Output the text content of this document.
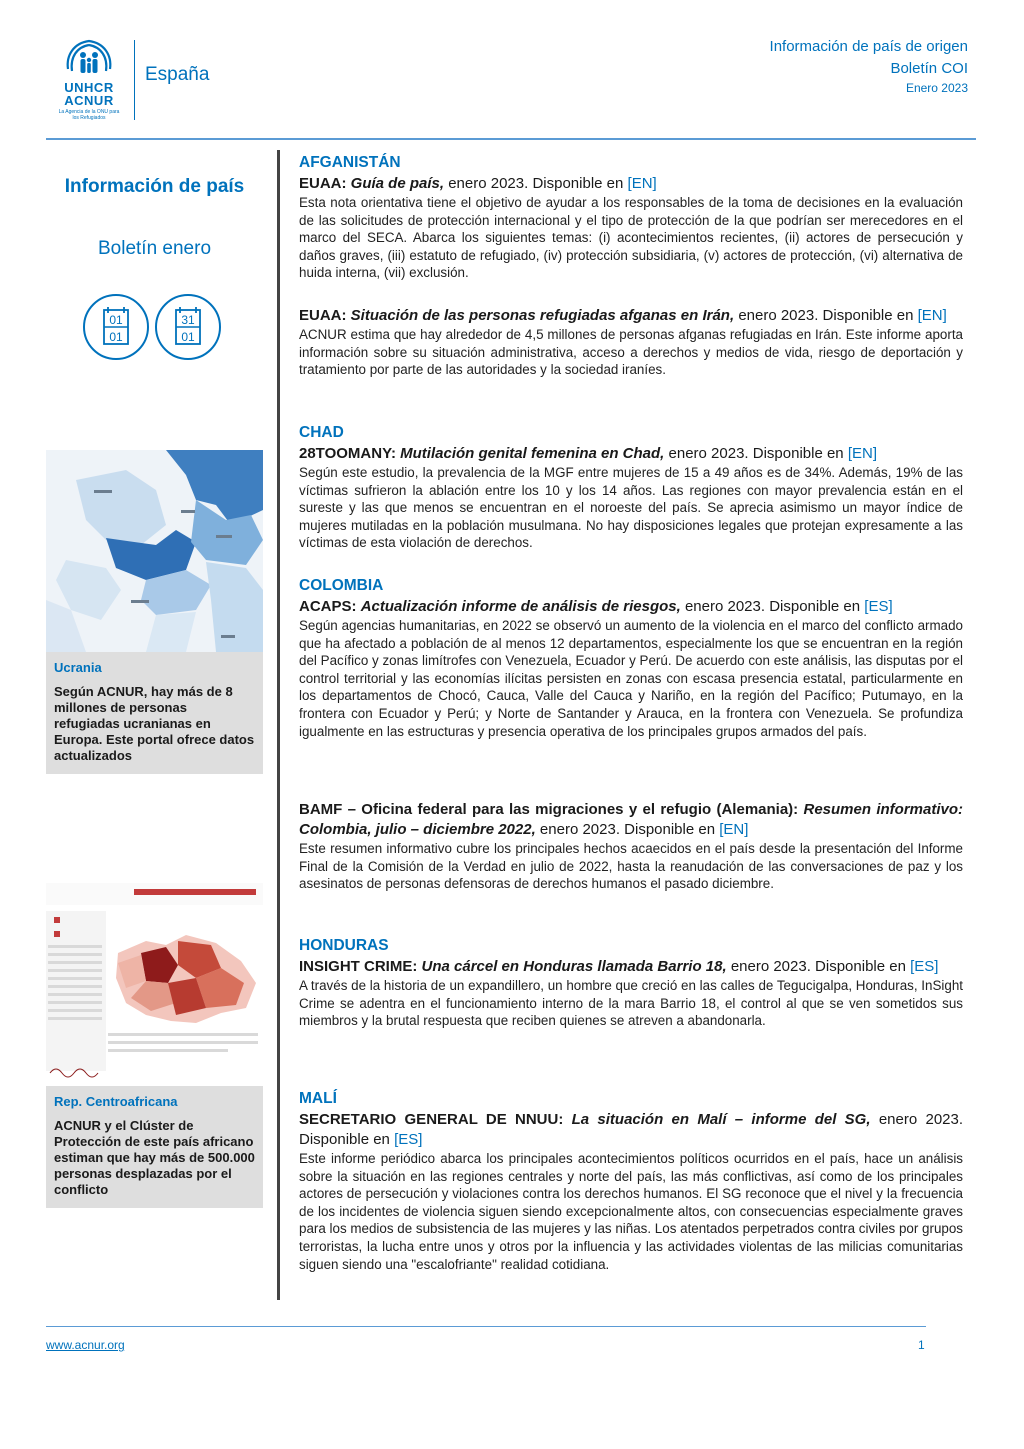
UNHCR
ACNUR
La Agencia de la ONU para los Refugiados
España
Información de país de origen
Boletín COI
Enero 2023
Información de país
Boletín enero
01
01
31
01
Ucrania
Según ACNUR, hay más de 8 millones de personas refugiadas ucranianas en Europa. Este portal ofrece datos actualizados
Rep. Centroafricana
ACNUR y el Clúster de Protección de este país africano estiman que hay más de 500.000 personas desplazadas por el conflicto
AFGANISTÁN

EUAA: Guía de país, enero 2023. Disponible en [EN]

Esta nota orientativa tiene el objetivo de ayudar a los responsables de la toma de decisiones en la evaluación de las solicitudes de protección internacional y el tipo de protección de la que podrían ser merecedores en el marco del SECA. Abarca los siguientes temas: (i) acontecimientos recientes, (ii) actores de persecución y daños graves, (iii) estatuto de refugiado, (iv) protección subsidiaria, (v) actores de protección, (vi) alternativa de huida interna, (vii) exclusión.

EUAA: Situación de las personas refugiadas afganas en Irán, enero 2023. Disponible en [EN]

ACNUR estima que hay alrededor de 4,5 millones de personas afganas refugiadas en Irán. Este informe aporta información sobre su situación administrativa, acceso a derechos y medios de vida, riesgo de deportación y tratamiento por parte de las autoridades y la sociedad iraníes.

CHAD

28TOOMANY: Mutilación genital femenina en Chad, enero 2023. Disponible en [EN]

Según este estudio, la prevalencia de la MGF entre mujeres de 15 a 49 años es de 34%. Además, 19% de las víctimas sufrieron la ablación entre los 10 y los 14 años. Las regiones con mayor prevalencia están en el sureste y las que menos se encuentran en el noroeste del país. Se aprecia asimismo un mayor índice de mujeres mutiladas en la población musulmana. No hay disposiciones legales que protejan expresamente a las víctimas de esta violación de derechos.

COLOMBIA

ACAPS: Actualización informe de análisis de riesgos, enero 2023. Disponible en [ES]

Según agencias humanitarias, en 2022 se observó un aumento de la violencia en el marco del conflicto armado que ha afectado a población de al menos 12 departamentos, especialmente los que se encuentran en la región del Pacífico y zonas limítrofes con Venezuela, Ecuador y Perú. De acuerdo con este análisis, las disputas por el control territorial y las economías ilícitas persisten en zonas con escasa presencia estatal, particularmente en los departamentos de Chocó, Cauca, Valle del Cauca y Nariño, en la región del Pacífico; Putumayo, en la frontera con Ecuador y Perú; y Norte de Santander y Arauca, en la frontera con Venezuela. Se profundiza igualmente en las estructuras y presencia operativa de los principales grupos armados del país.

BAMF – Oficina federal para las migraciones y el refugio (Alemania): Resumen informativo: Colombia, julio – diciembre 2022, enero 2023. Disponible en [EN]

Este resumen informativo cubre los principales hechos acaecidos en el país desde la presentación del Informe Final de la Comisión de la Verdad en julio de 2022, hasta la reanudación de las conversaciones de paz y los asesinatos de personas defensoras de derechos humanos el pasado diciembre.

HONDURAS

INSIGHT CRIME: Una cárcel en Honduras llamada Barrio 18, enero 2023. Disponible en [ES]

A través de la historia de un expandillero, un hombre que creció en las calles de Tegucigalpa, Honduras, InSight Crime se adentra en el funcionamiento interno de la mara Barrio 18, el control al que se ven sometidos sus miembros y la brutal respuesta que reciben quienes se atreven a abandonarla.

MALÍ

SECRETARIO GENERAL DE NNUU: La situación en Malí – informe del SG, enero 2023. Disponible en [ES]

Este informe periódico abarca los principales acontecimientos políticos ocurridos en el país, hace un análisis sobre la situación en las regiones centrales y norte del país, las más conflictivas, así como de los principales actores de persecución y violaciones contra los derechos humanos. El SG reconoce que el nivel y la frecuencia de los incidentes de violencia siguen siendo excepcionalmente altos, con consecuencias especialmente graves para los medios de subsistencia de las mujeres y las niñas. Los atentados perpetrados contra civiles por grupos terroristas, la lucha entre unos y otros por la influencia y las actividades violentas de las milicias comunitarias siguen siendo una "escalofriante" realidad cotidiana.

www.acnur.org	1
